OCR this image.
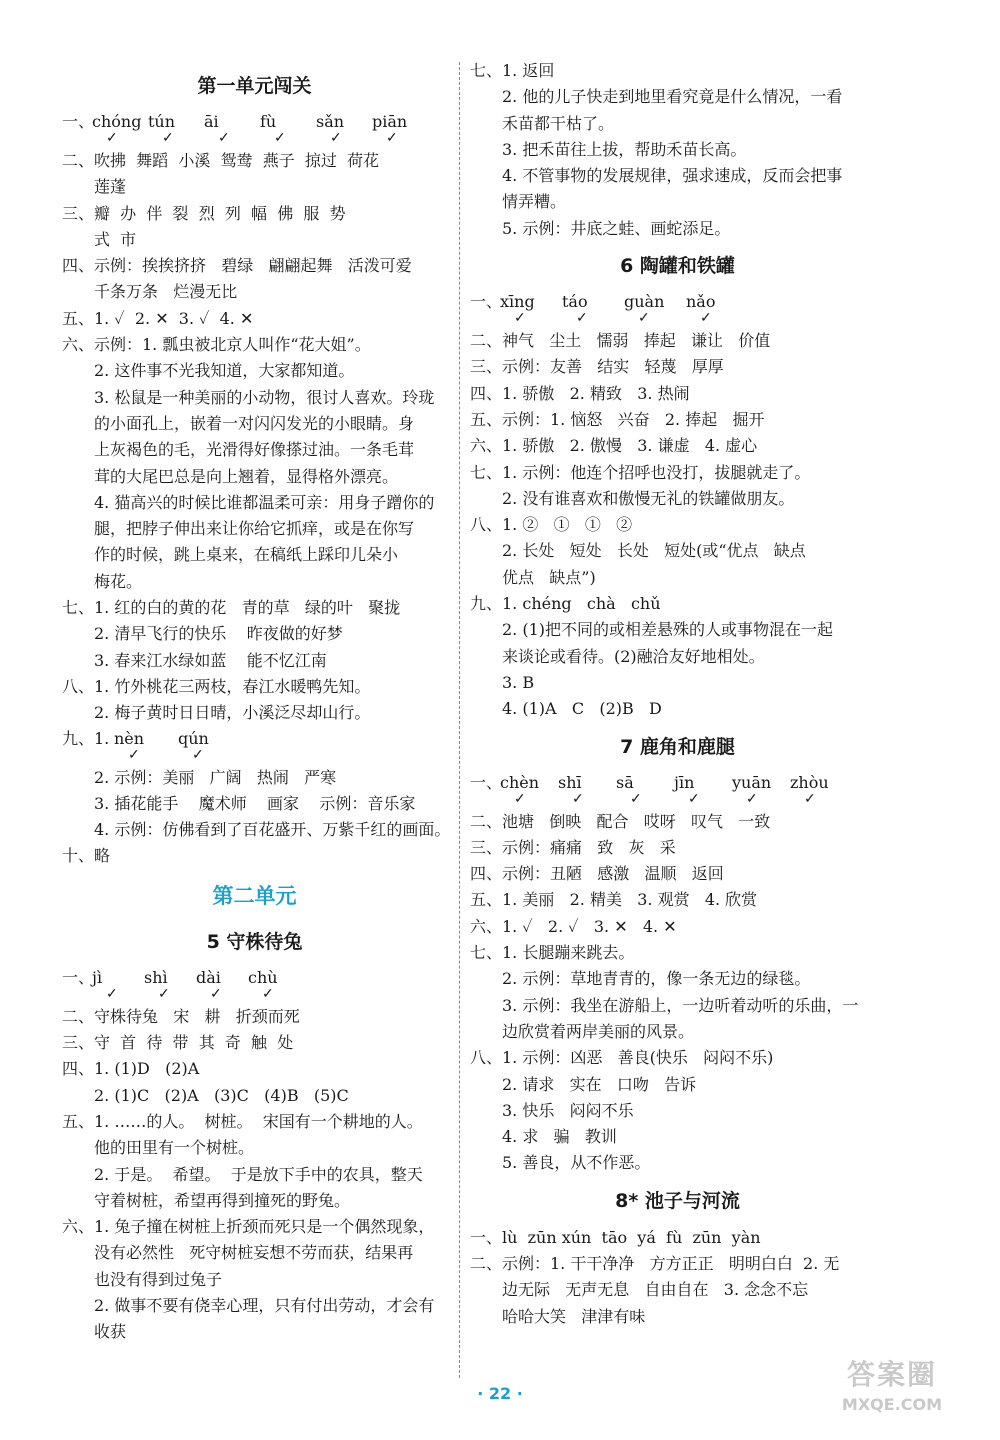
第一单元闯关
一、
chóng
✓
tún
✓
āi
✓
fù
✓
sǎn
✓
piān
✓
二、吹拂  舞蹈  小溪  鸳鸯  燕子  掠过  荷花
莲蓬
三、瓣  办  伴  裂  烈  列  幅  佛  服  势
式  市
四、示例：挨挨挤挤   碧绿   翩翩起舞   活泼可爱
千条万条   烂漫无比
五、1. ✓  2. ✕  3. ✓  4. ✕
六、示例：1. 瓢虫被北京人叫作“花大姐”。
2. 这件事不光我知道，大家都知道。
3. 松鼠是一种美丽的小动物，很讨人喜欢。玲珑
的小面孔上，嵌着一对闪闪发光的小眼睛。身
上灰褐色的毛，光滑得好像搽过油。一条毛茸
茸的大尾巴总是向上翘着，显得格外漂亮。
4. 猫高兴的时候比谁都温柔可亲：用身子蹭你的
腿，把脖子伸出来让你给它抓痒，或是在你写
作的时候，跳上桌来，在稿纸上踩印儿朵小
梅花。
七、1. 红的白的黄的花   青的草   绿的叶   聚拢
2. 清早飞行的快乐    昨夜做的好梦
3. 春来江水绿如蓝    能不忆江南
八、1. 竹外桃花三两枝，春江水暖鸭先知。
2. 梅子黄时日日晴，小溪泛尽却山行。
九、1. nèn
✓
qún
✓
2. 示例：美丽   广阔   热闹   严寒
3. 插花能手    魔术师    画家    示例：音乐家
4. 示例：仿佛看到了百花盛开、万紫千红的画面。
十、略
第二单元
5 守株待兔
一、
jì
✓
shì
✓
dài
✓
chù
✓
二、守株待兔   宋   耕   折颈而死
三、守  首  待  带  其  奇  触  处
四、1. (1)D   (2)A
2. (1)C   (2)A   (3)C   (4)B   (5)C
五、1. ……的人。  树桩。  宋国有一个耕地的人。
他的田里有一个树桩。
2. 于是。  希望。  于是放下手中的农具，整天
守着树桩，希望再得到撞死的野兔。
六、1. 兔子撞在树桩上折颈而死只是一个偶然现象，
没有必然性   死守树桩妄想不劳而获，结果再
也没有得到过兔子
2. 做事不要有侥幸心理，只有付出劳动，才会有
收获
七、1. 返回
2. 他的儿子快走到地里看究竟是什么情况，一看
禾苗都干枯了。
3. 把禾苗往上拔，帮助禾苗长高。
4. 不管事物的发展规律，强求速成，反而会把事
情弄糟。
5. 示例：井底之蛙、画蛇添足。
6 陶罐和铁罐
一、
xīng
✓
táo
✓
guàn
✓
nǎo
✓
二、神气   尘土   懦弱   捧起   谦让   价值
三、示例：友善   结实   轻蔑   厚厚
四、1. 骄傲   2. 精致   3. 热闹
五、示例：1. 恼怒   兴奋   2. 捧起   掘开
六、1. 骄傲   2. 傲慢   3. 谦虚   4. 虚心
七、1. 示例：他连个招呼也没打，拔腿就走了。
2. 没有谁喜欢和傲慢无礼的铁罐做朋友。
八、1. ②   ①   ①   ②
2. 长处   短处   长处   短处(或“优点   缺点
优点   缺点”)
九、1. chéng   chà   chǔ
2. (1)把不同的或相差悬殊的人或事物混在一起
来谈论或看待。(2)融洽友好地相处。
3. B
4. (1)A   C   (2)B   D
7 鹿角和鹿腿
一、
chèn
✓
shī
✓
sā
✓
jīn
✓
yuān
✓
zhòu
✓
二、池塘   倒映   配合   哎呀   叹气   一致
三、示例：痛痛   致   灰   采
四、示例：丑陋   感激   温顺   返回
五、1. 美丽   2. 精美   3. 观赏   4. 欣赏
六、1. ✓   2. ✓   3. ✕   4. ✕
七、1. 长腿蹦来跳去。
2. 示例：草地青青的，像一条无边的绿毯。
3. 示例：我坐在游船上，一边听着动听的乐曲，一
边欣赏着两岸美丽的风景。
八、1. 示例：凶恶   善良(快乐   闷闷不乐)
2. 请求   实在   口吻   告诉
3. 快乐   闷闷不乐
4. 求   骗   教训
5. 善良，从不作恶。
8* 池子与河流
一、lù  zūn xún  tāo  yá  fù  zūn  yàn
二、示例：1. 干干净净   方方正正   明明白白  2. 无
边无际   无声无息   自由自在   3. 念念不忘
哈哈大笑   津津有味
· 22 ·
答案圈
MXQE.COM
